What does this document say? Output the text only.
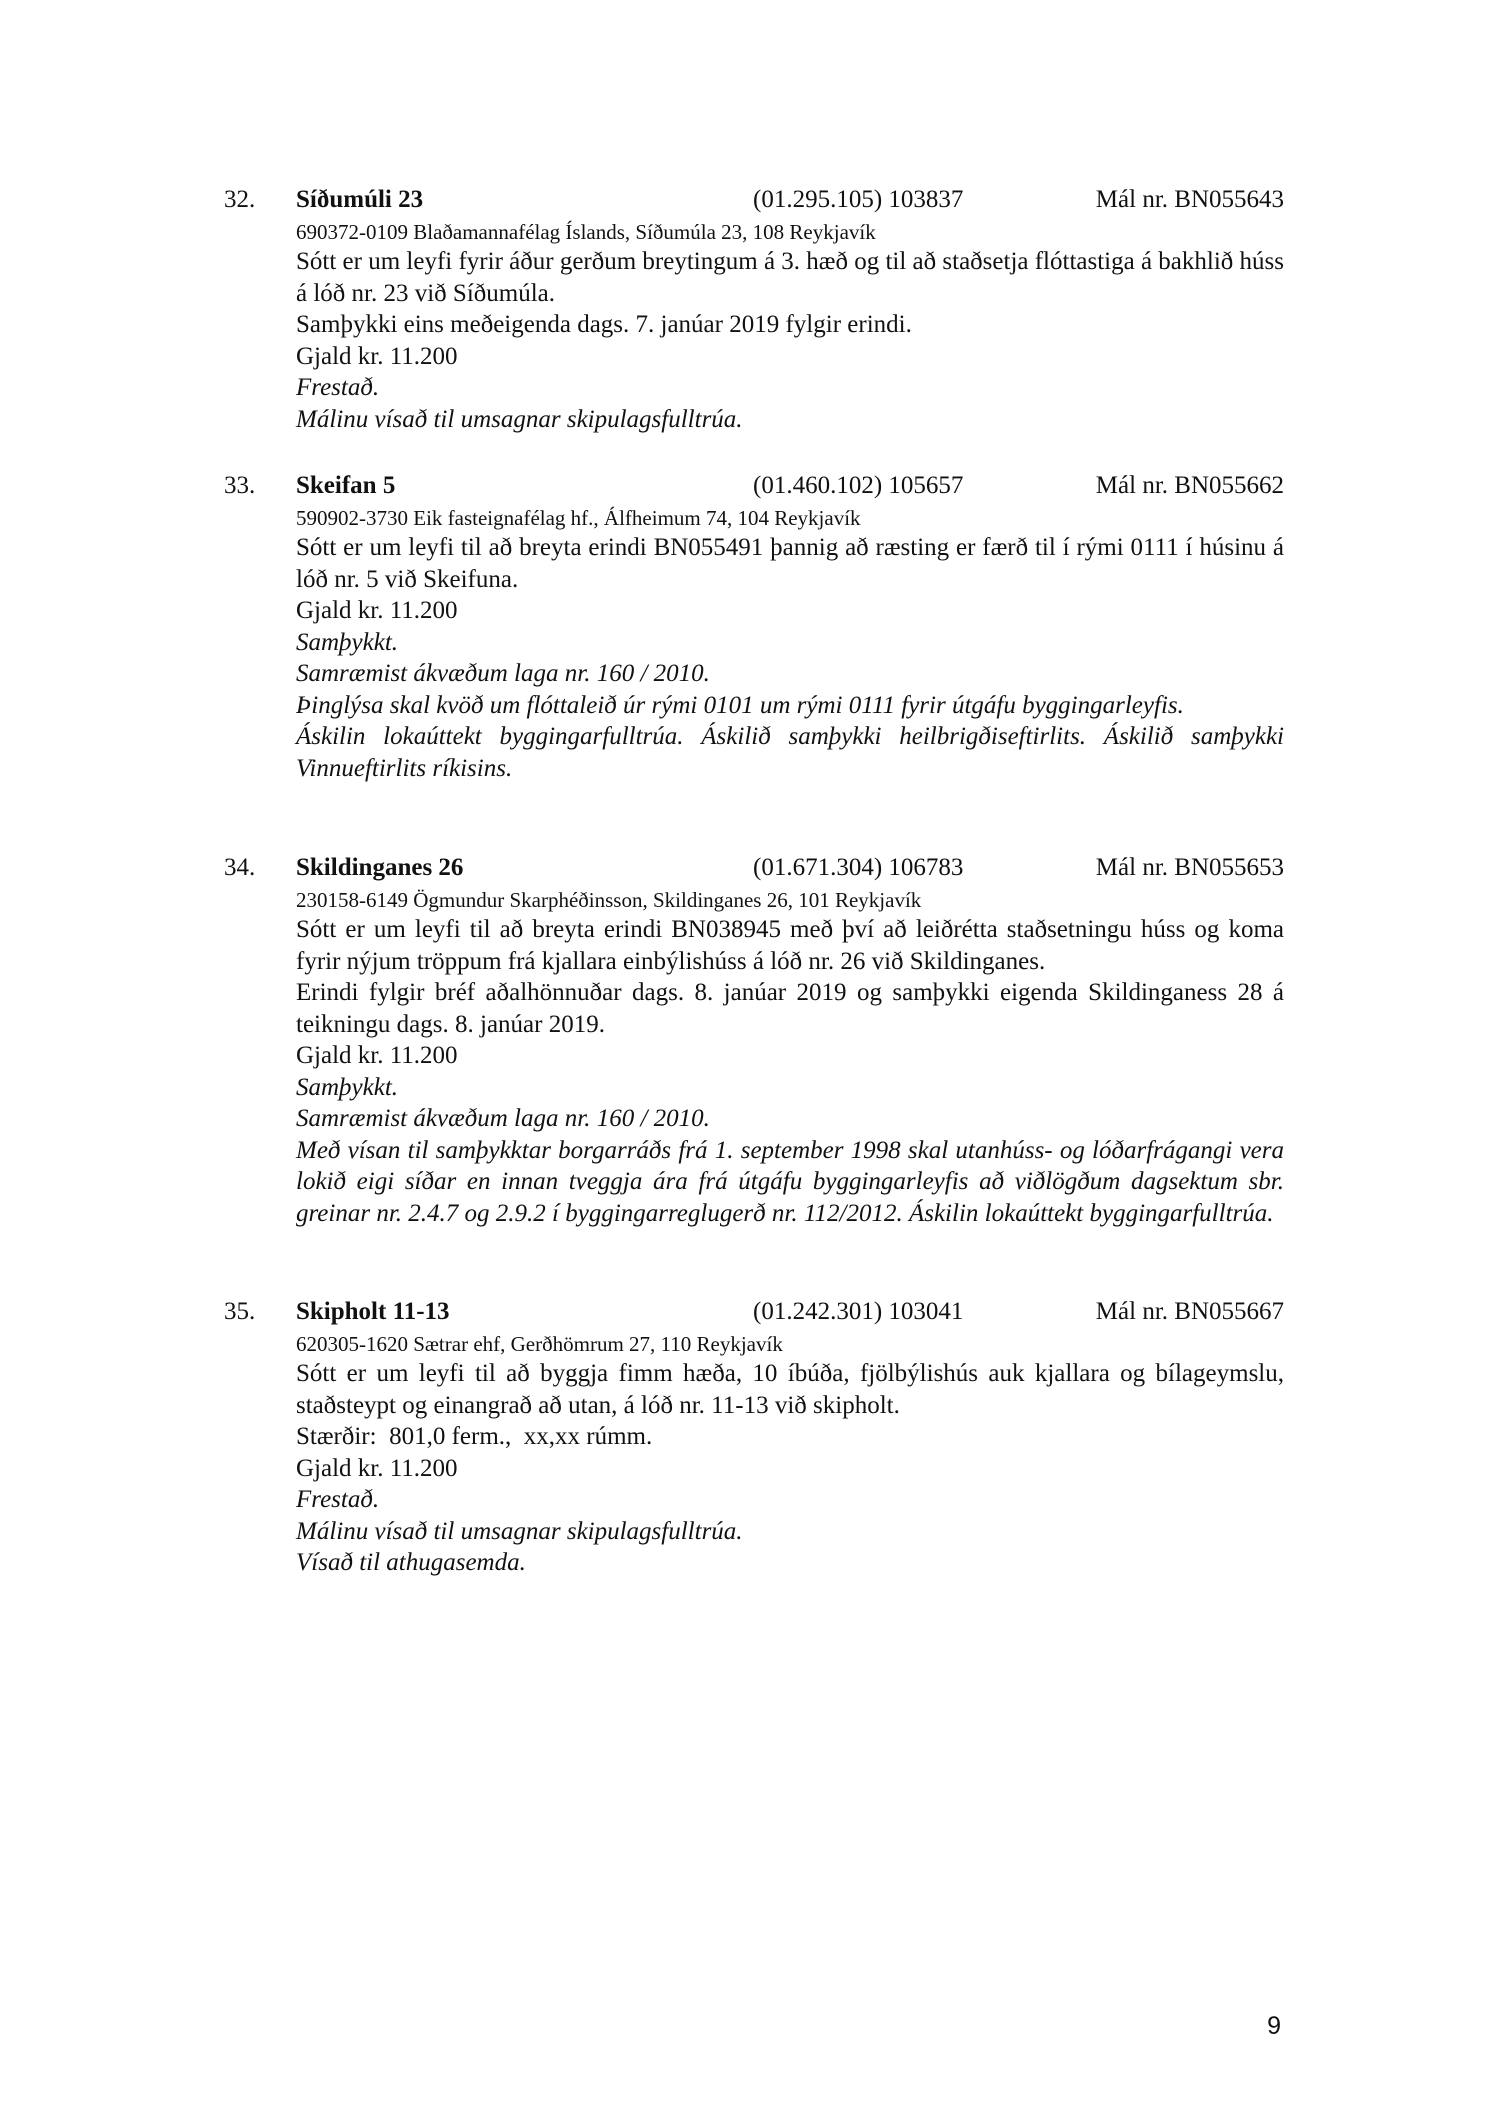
32. Síðumúli 23	(01.295.105) 103837	Mál nr. BN055643
690372-0109 Blaðamannafélag Íslands, Síðumúla 23, 108 Reykjavík

Sótt er um leyfi fyrir áður gerðum breytingum á 3. hæð og til að staðsetja flóttastiga á bakhlið húss á lóð nr. 23 við Síðumúla.

Samþykki eins meðeigenda dags. 7. janúar 2019 fylgir erindi.

Gjald kr. 11.200

Frestað.

Málinu vísað til umsagnar skipulagsfulltrúa.

33. Skeifan 5	(01.460.102) 105657	Mál nr. BN055662
590902-3730 Eik fasteignafélag hf., Álfheimum 74, 104 Reykjavík

Sótt er um leyfi til að breyta erindi BN055491 þannig að ræsting er færð til í rými 0111 í húsinu á lóð nr. 5 við Skeifuna.

Gjald kr. 11.200

Samþykkt.

Samræmist ákvæðum laga nr. 160 / 2010.

Þinglýsa skal kvöð um flóttaleið úr rými 0101 um rými 0111 fyrir útgáfu byggingarleyfis.

Áskilin lokaúttekt byggingarfulltrúa. Áskilið samþykki heilbrigðiseftirlits. Áskilið samþykki Vinnueftirlits ríkisins.

34. Skildinganes 26	(01.671.304) 106783	Mál nr. BN055653
230158-6149 Ögmundur Skarphéðinsson, Skildinganes 26, 101 Reykjavík

Sótt er um leyfi til að breyta erindi BN038945 með því að leiðrétta staðsetningu húss og koma fyrir nýjum tröppum frá kjallara einbýlishúss á lóð nr. 26 við Skildinganes.

Erindi fylgir bréf aðalhönnuðar dags. 8. janúar 2019 og samþykki eigenda Skildinganess 28 á teikningu dags. 8. janúar 2019.

Gjald kr. 11.200

Samþykkt.

Samræmist ákvæðum laga nr. 160 / 2010.

Með vísan til samþykktar borgarráðs frá 1. september 1998 skal utanhúss- og lóðarfrágangi vera lokið eigi síðar en innan tveggja ára frá útgáfu byggingarleyfis að viðlögðum dagsektum sbr. greinar nr. 2.4.7 og 2.9.2 í byggingarreglugerð nr. 112/2012. Áskilin lokaúttekt byggingarfulltrúa.

35. Skipholt 11-13	(01.242.301) 103041	Mál nr. BN055667
620305-1620 Sætrar ehf, Gerðhömrum 27, 110 Reykjavík

Sótt er um leyfi til að byggja fimm hæða, 10 íbúða, fjölbýlishús auk kjallara og bílageymslu, staðsteypt og einangrað að utan, á lóð nr. 11-13 við skipholt.

Stærðir:  801,0 ferm.,  xx,xx rúmm.

Gjald kr. 11.200

Frestað.

Málinu vísað til umsagnar skipulagsfulltrúa.

Vísað til athugasemda.

9
